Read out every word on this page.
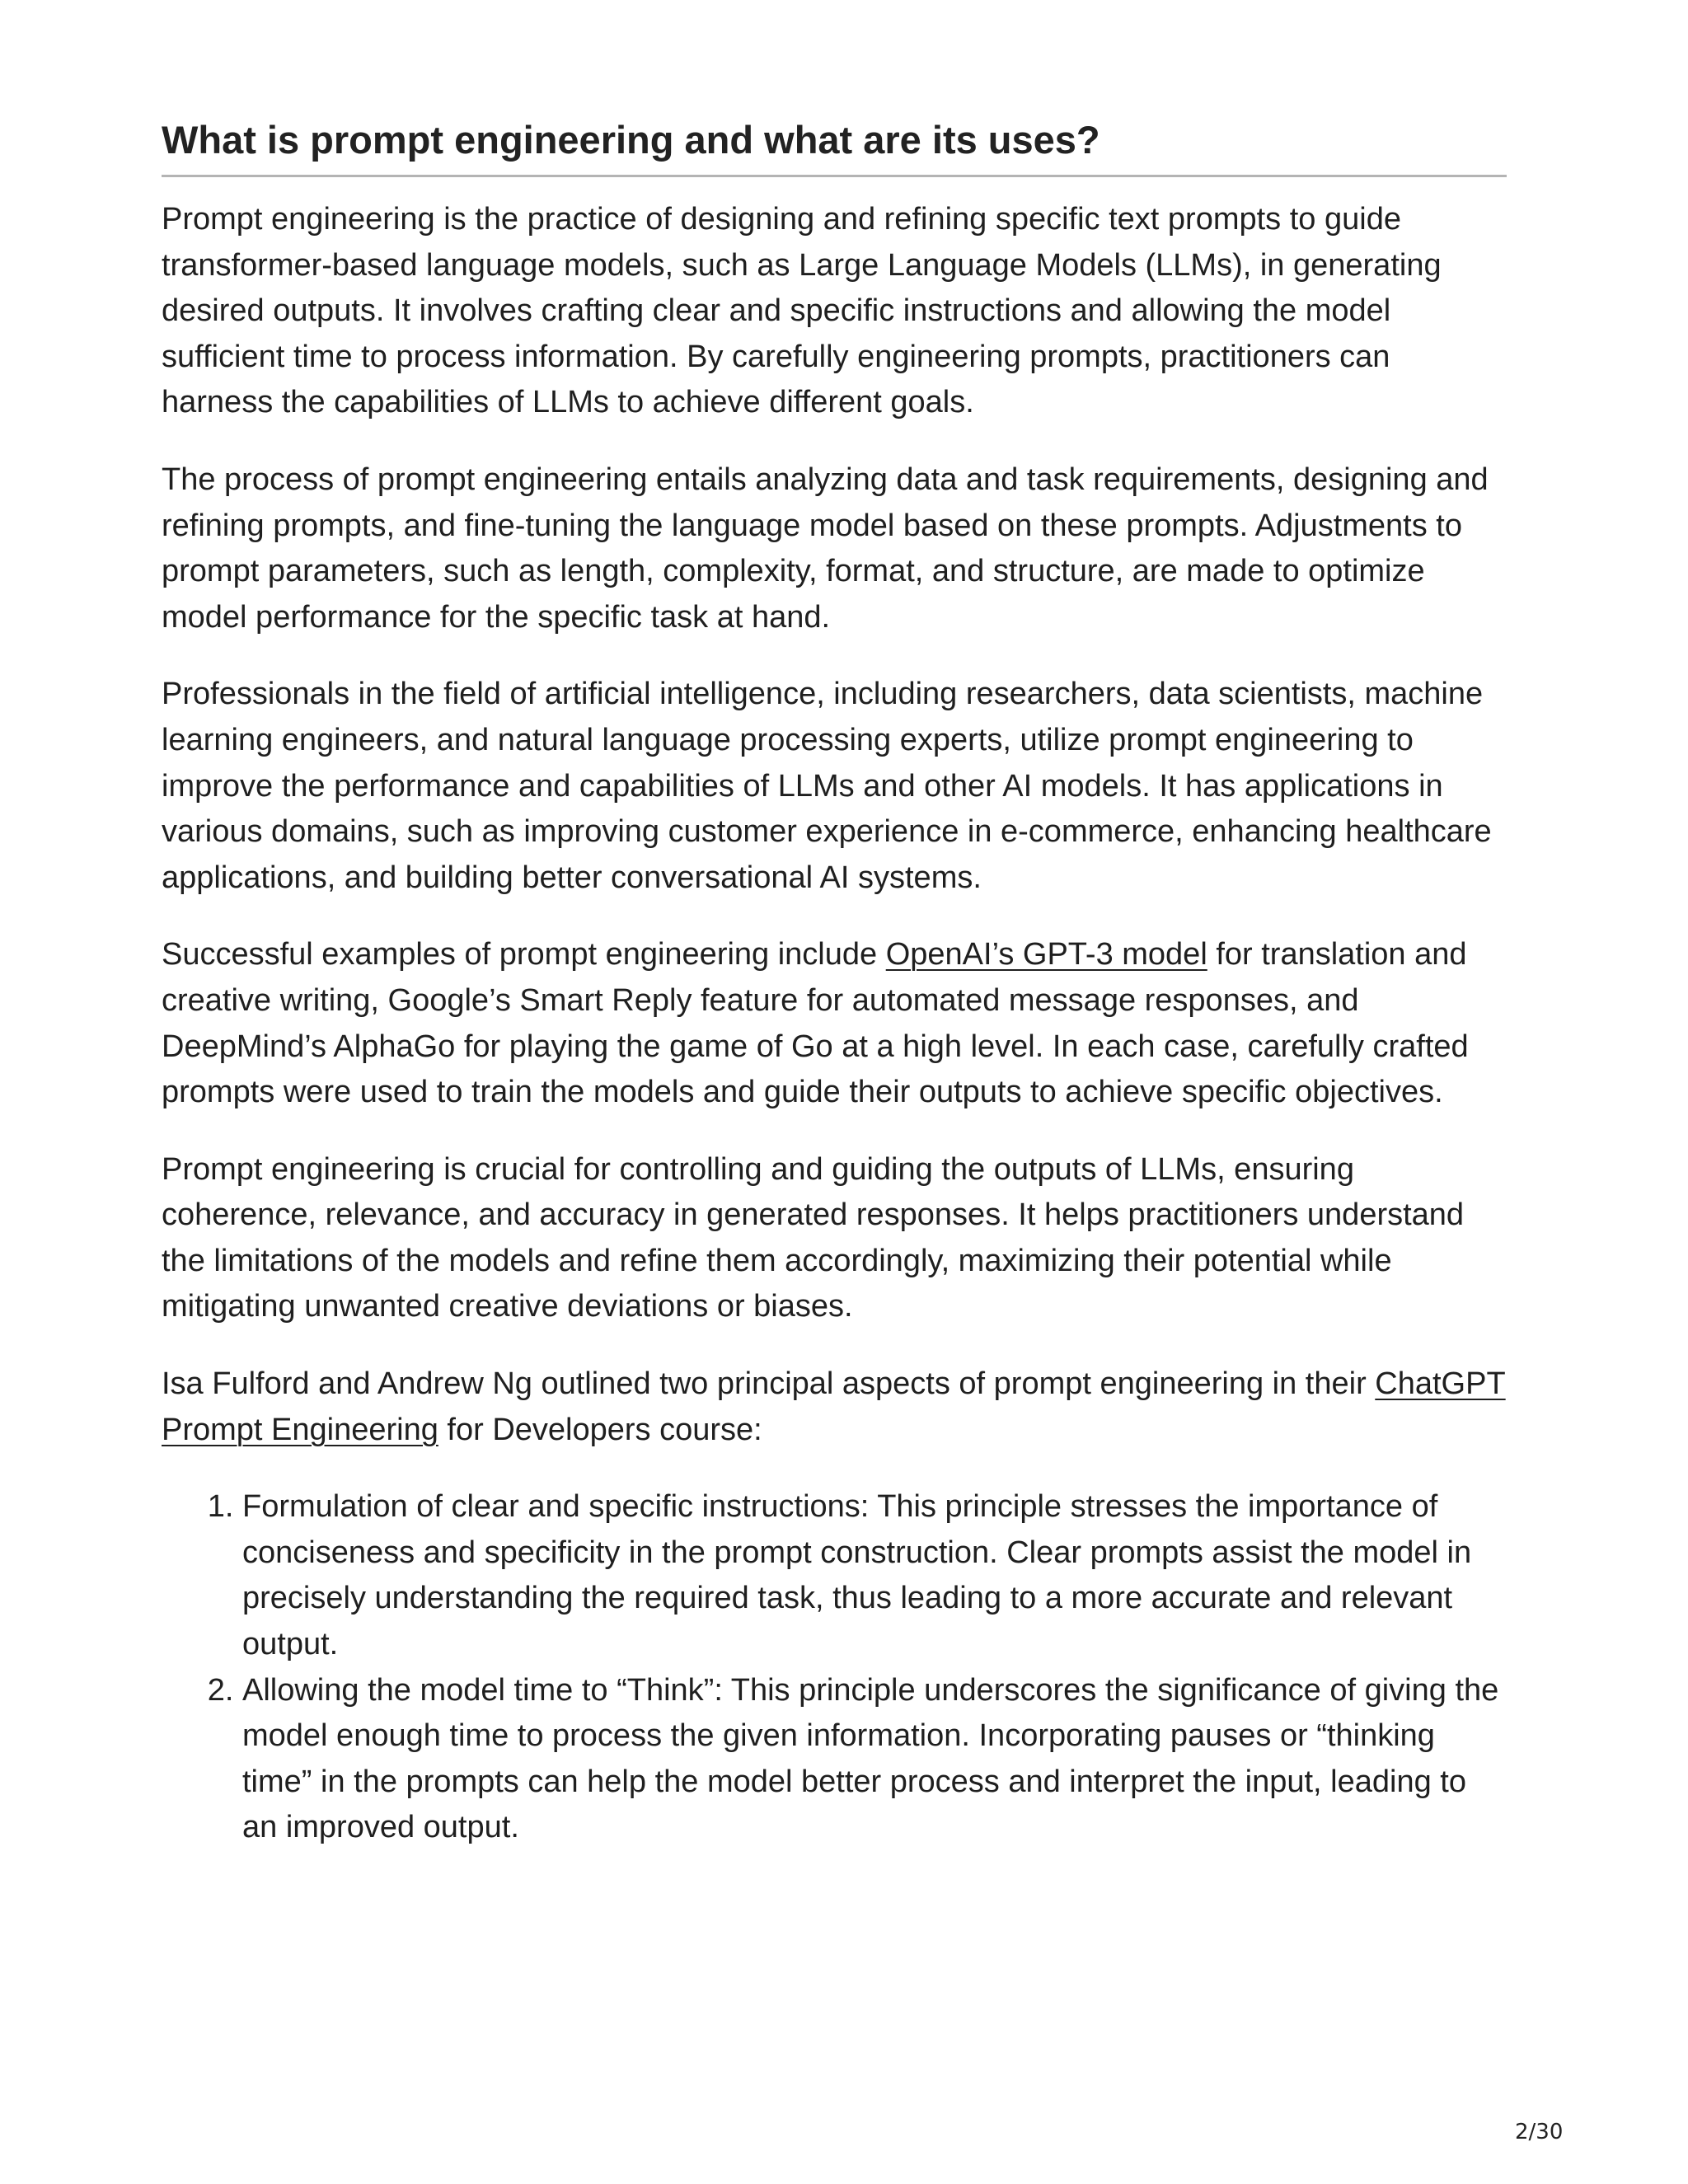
What is prompt engineering and what are its uses?

Prompt engineering is the practice of designing and refining specific text prompts to guide transformer-based language models, such as Large Language Models (LLMs), in generating desired outputs. It involves crafting clear and specific instructions and allowing the model sufficient time to process information. By carefully engineering prompts, practitioners can harness the capabilities of LLMs to achieve different goals.

The process of prompt engineering entails analyzing data and task requirements, designing and refining prompts, and fine-tuning the language model based on these prompts. Adjustments to prompt parameters, such as length, complexity, format, and structure, are made to optimize model performance for the specific task at hand.

Professionals in the field of artificial intelligence, including researchers, data scientists, machine learning engineers, and natural language processing experts, utilize prompt engineering to improve the performance and capabilities of LLMs and other AI models. It has applications in various domains, such as improving customer experience in e-commerce, enhancing healthcare applications, and building better conversational AI systems.

Successful examples of prompt engineering include OpenAI’s GPT-3 model for translation and creative writing, Google’s Smart Reply feature for automated message responses, and DeepMind’s AlphaGo for playing the game of Go at a high level. In each case, carefully crafted prompts were used to train the models and guide their outputs to achieve specific objectives.

Prompt engineering is crucial for controlling and guiding the outputs of LLMs, ensuring coherence, relevance, and accuracy in generated responses. It helps practitioners understand the limitations of the models and refine them accordingly, maximizing their potential while mitigating unwanted creative deviations or biases.

Isa Fulford and Andrew Ng outlined two principal aspects of prompt engineering in their ChatGPT Prompt Engineering for Developers course:

1. Formulation of clear and specific instructions: This principle stresses the importance of conciseness and specificity in the prompt construction. Clear prompts assist the model in precisely understanding the required task, thus leading to a more accurate and relevant output.
2. Allowing the model time to “Think”: This principle underscores the significance of giving the model enough time to process the given information. Incorporating pauses or “thinking time” in the prompts can help the model better process and interpret the input, leading to an improved output.
2/30
